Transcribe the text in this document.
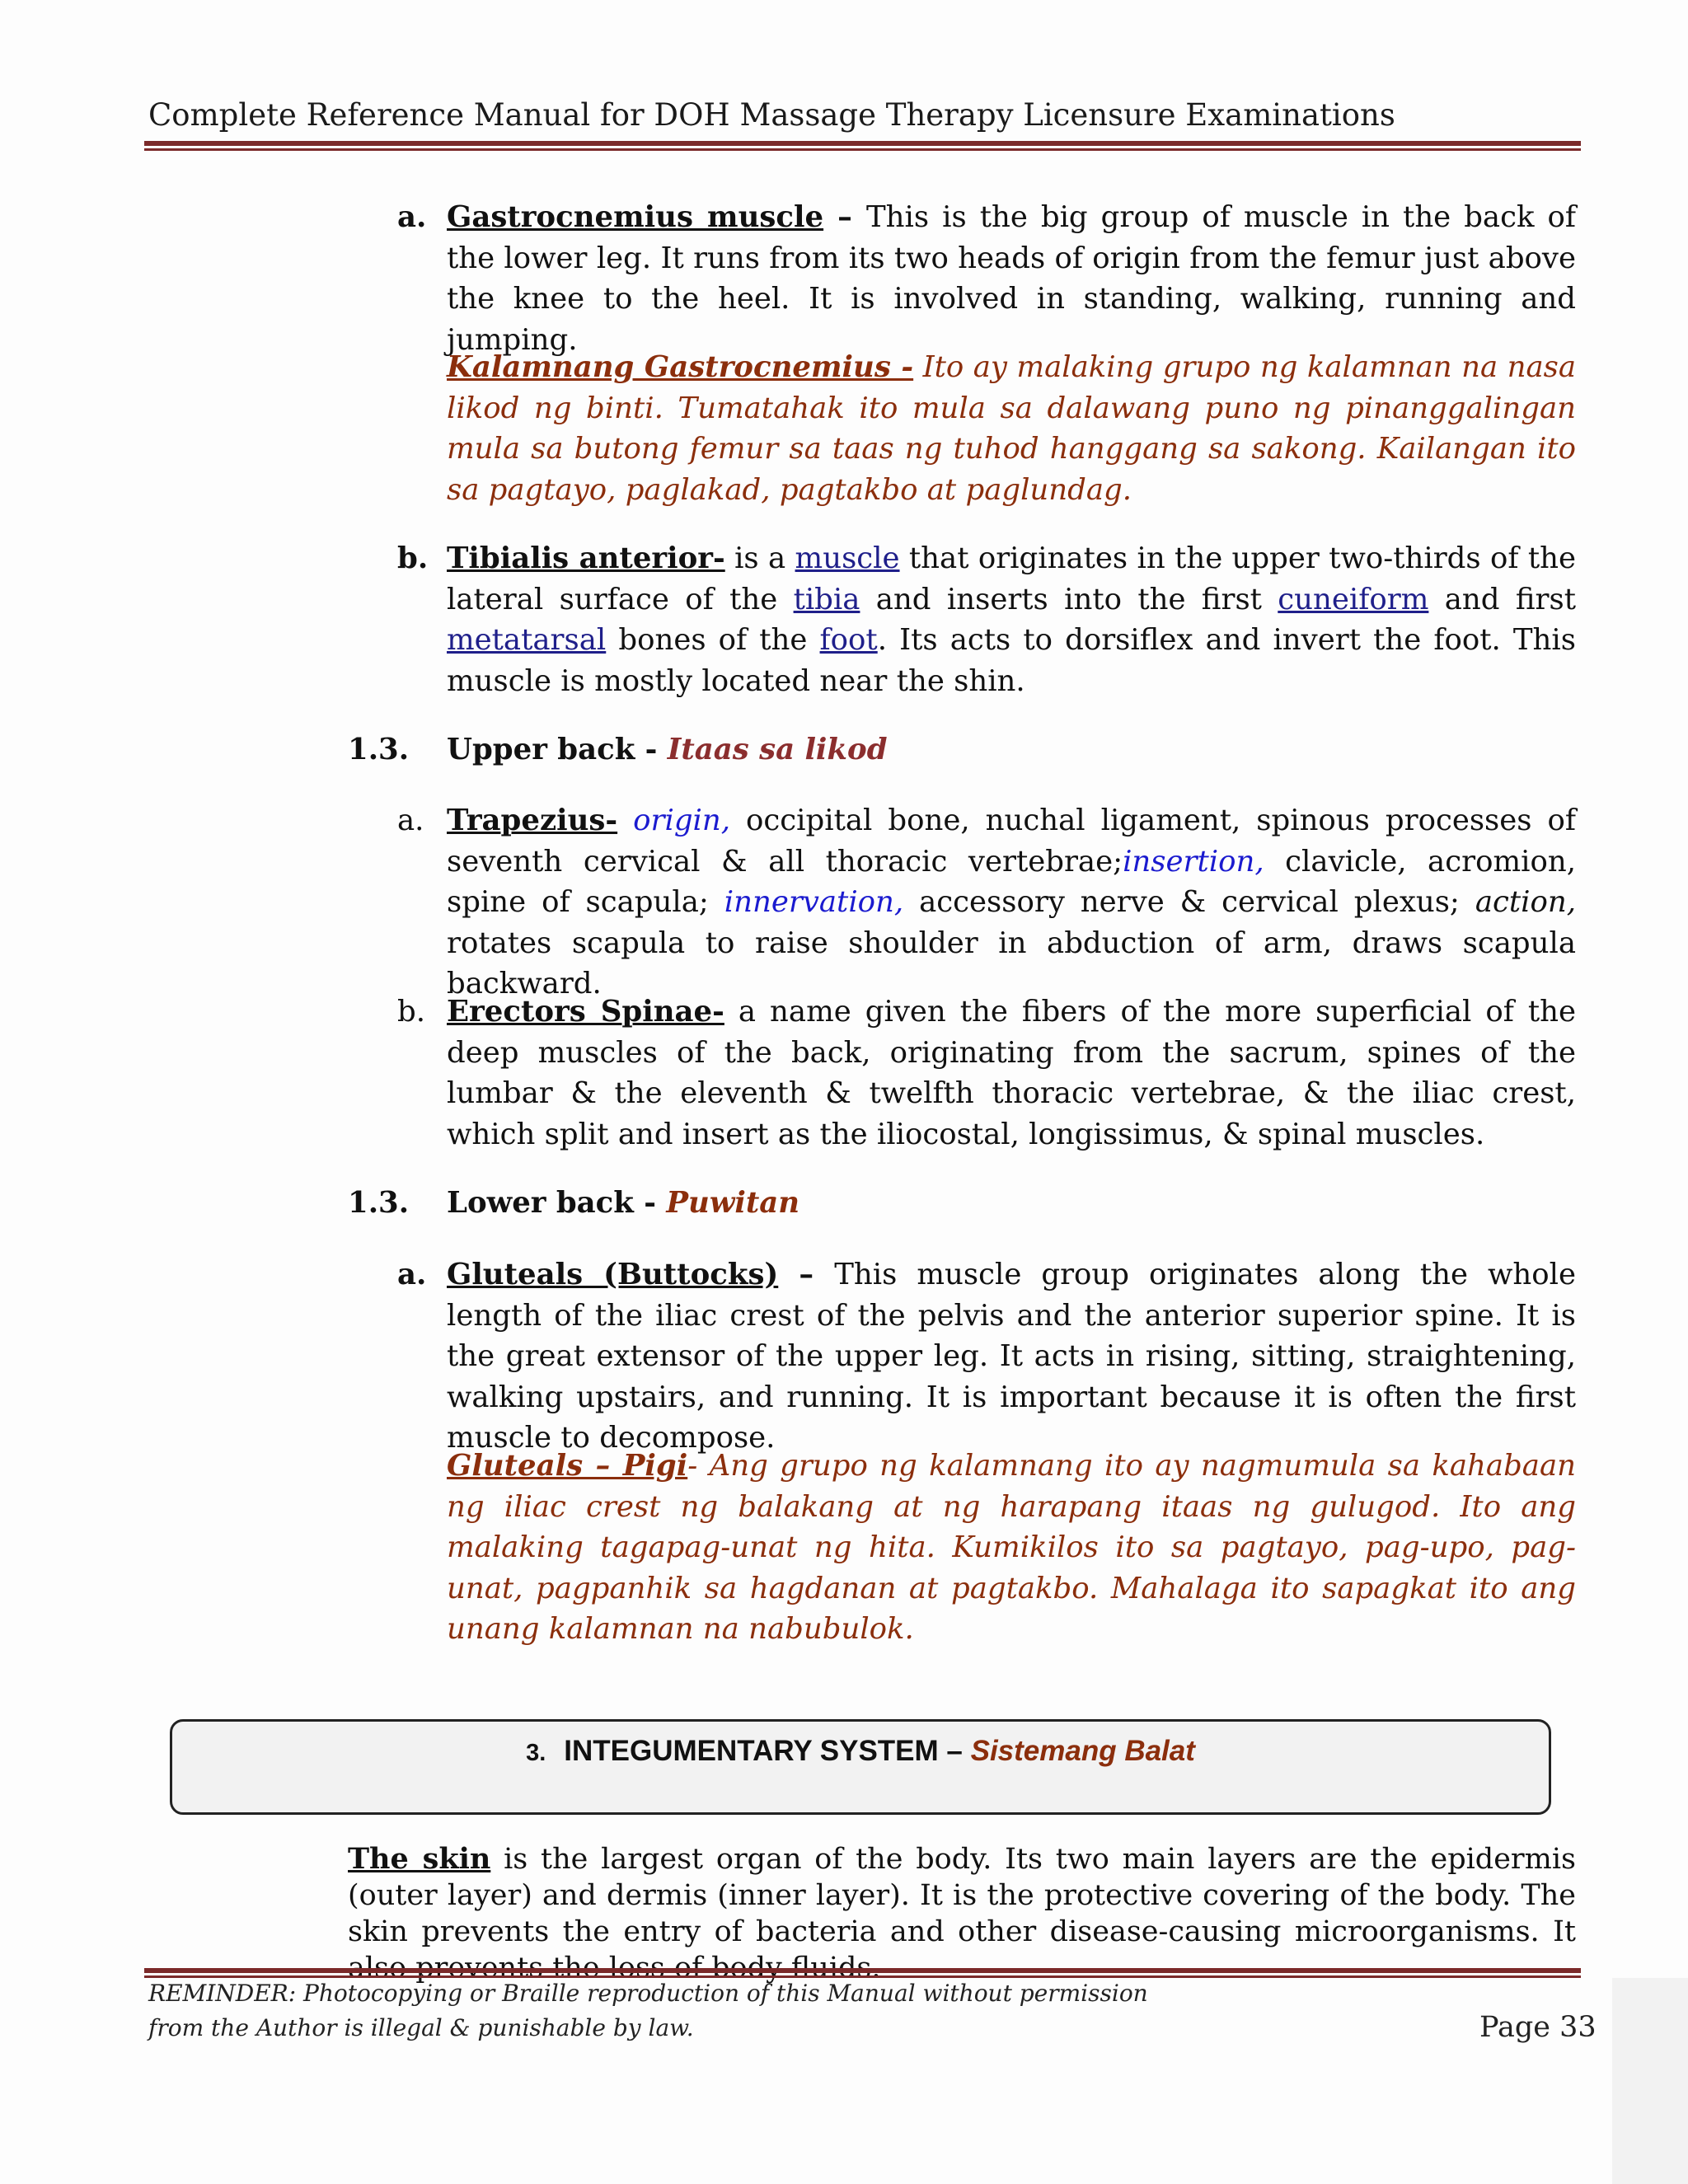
Complete Reference Manual for DOH Massage Therapy Licensure Examinations
a. Gastrocnemius muscle – This is the big group of muscle in the back of the lower leg. It runs from its two heads of origin from the femur just above the knee to the heel. It is involved in standing, walking, running and jumping.
Kalamnang Gastrocnemius - Ito ay malaking grupo ng kalamnan na nasa likod ng binti. Tumatahak ito mula sa dalawang puno ng pinanggalingan mula sa butong femur sa taas ng tuhod hanggang sa sakong. Kailangan ito sa pagtayo, paglakad, pagtakbo at paglundag.
b. Tibialis anterior- is a muscle that originates in the upper two-thirds of the lateral surface of the tibia and inserts into the first cuneiform and first metatarsal bones of the foot. Its acts to dorsiflex and invert the foot. This muscle is mostly located near the shin.
1.3. Upper back - Itaas sa likod
a. Trapezius- origin, occipital bone, nuchal ligament, spinous processes of seventh cervical & all thoracic vertebrae;insertion, clavicle, acromion, spine of scapula; innervation, accessory nerve & cervical plexus; action, rotates scapula to raise shoulder in abduction of arm, draws scapula backward.
b. Erectors Spinae- a name given the fibers of the more superficial of the deep muscles of the back, originating from the sacrum, spines of the lumbar & the eleventh & twelfth thoracic vertebrae, & the iliac crest, which split and insert as the iliocostal, longissimus, & spinal muscles.
1.3. Lower back - Puwitan
a. Gluteals (Buttocks) – This muscle group originates along the whole length of the iliac crest of the pelvis and the anterior superior spine. It is the great extensor of the upper leg. It acts in rising, sitting, straightening, walking upstairs, and running. It is important because it is often the first muscle to decompose.
Gluteals – Pigi- Ang grupo ng kalamnang ito ay nagmumula sa kahabaan ng iliac crest ng balakang at ng harapang itaas ng gulugod. Ito ang malaking tagapag-unat ng hita. Kumikilos ito sa pagtayo, pag-upo, pag-unat, pagpanhik sa hagdanan at pagtakbo. Mahalaga ito sapagkat ito ang unang kalamnan na nabubulok.
3. INTEGUMENTARY SYSTEM – Sistemang Balat
The skin is the largest organ of the body. Its two main layers are the epidermis (outer layer) and dermis (inner layer). It is the protective covering of the body. The skin prevents the entry of bacteria and other disease-causing microorganisms. It
REMINDER: Photocopying or Braille reproduction of this Manual without permission
from the Author is illegal & punishable by law.	Page 33
